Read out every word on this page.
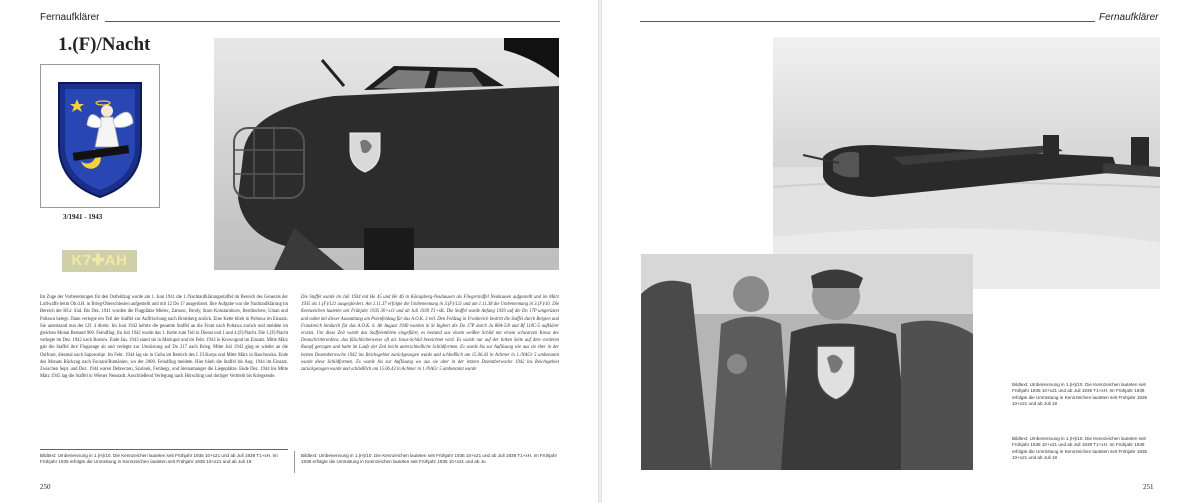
Fernaufklärer
1.(F)/Nacht
3/1941 - 1943
K7✚AH
Im Zuge der Vorbereitungen für den Ostfeldzug wurde am 1. Juni 1941 die 1./Nachtaufklärungsstaffel im Bereich des Generals der Luftwaffe beim Ob.d.H. in Brieg/Oberschlesien aufgestellt und mit 12 Do 17 ausgerüstet. Ihre Aufgabe war die Nachtaufklärung im Bereich der HGr. Süd. Bis Dez. 1941 wurden die Flugplätze Mielec, Zamosc, Brody, Staro Konstantinow, Berditschew, Uman und Poltawa belegt. Dann verlegte ein Teil der Staffel zur Auffrischung nach Bromberg zurück. Eine Kette blieb in Poltawa im Einsatz. Sie unterstand nun der Lfl. 4 direkt. Im Juni 1942 kehrte die gesamte Staffel an die Front nach Poltawa zurück und meldete im gleichen Monat Bestand 900. Feindflug. Im Juli 1942 wurde das 1. Kette zum Teil in Dienst und 1 und 4.(F)/Nacht. Die 1.(F)/Nacht verlegte im Dez. 1942 nach Rostow. Ende Jan. 1943 stand sie in Mariupol und im Febr. 1943 in Krowograd im Einsatz. Mitte März gab die Staffel ihre Flugzeuge ab und verlegte zur Umrüstung auf Do 217 nach Brieg. Mitte Juli 1943 ging es wieder an die Ostfront, diesmal nach Saporoshje. Im Febr. 1944 lag sie in Golta im Bereich des I. Fl.Korps und Mitte März in Raschowka. Ende des Monats Rückzug nach Focsani/Rumänien, wo der 2000. Feindflug meldete. Hier blieb die Staffel bis Aug. 1944 im Einsatz. Zwischen Sept. und Dez. 1944 waren Debreczen, Szolnok, Ferihegy, und Steinamanger die Liegeplätze. Ende Dez. 1944 bis Mitte März 1945 lag die Staffel in Wiener Neustadt. Anschließend Verlegung nach Hörsching und dortiger Verbleib bis Kriegsende.
Die Staffel wurde im Juli 1934 mit He 45 und He 46 in Königsberg-Neuhausen als Fliegerstaffel Neuhausen aufgestellt und im März 1935 als 1.(F)/121 ausgegliedert. Am 1.11.37 erfolgte die Umbenennung in 3.(F)/121 und am 1.11.38 die Umbenennung in 3.(F)/10. Die Kennzeichen lauteten seit Frühjahr 1935 30+x11 und ab Juli 1939 T1+xK. Die Staffel wurde Anfang 1939 auf die Do 17P umgerüstet und nahm mit dieser Ausstattung am Polenfeldzug für das A.O.K. 3 teil. Den Feldzug in Frankreich bestritt die Staffel durch Belgien und Frankreich hindurch für das A.O.K. 6. Ab August 1940 wurden in St Ingbert die Do 17P durch Ju 88A-5/8 und Bf 110C-5 aufklärer ersetzt. Um diese Zeit wurde das Staffelemblem eingeführt, es bestand aus einem weißen Schild mit einem schwarzen Kreuz des Deutschritterordens, das fälschlicherweise oft als Jesus-Schild bezeichnet wird. Es wurde nur auf der linken Seite auf dem vorderen Rumpf getragen und hatte im Laufe der Zeit leicht unterschiedliche Schildformen. Es wurde bis zur Auflösung wie aus sie eher in der letzten Dezemberwoche 1942 ins Reichsgebiet zurückgezogen wurde und schließlich am 15.06.43 in Achmer in 1./NAGr 5 umbenannt wurde diese Schildformen. Es wurde bis zur Auflösung wo aus sie aber in der letzten Dezemberwoche 1942 ins Reichsgebiet zurückgezogen wurde und schließlich am 15.06.43 in Achmer in 1./NAGr 5 umbenannt wurde
Bildtext: Umbenennung in 1.(H)/10. Die Kennzeichen lauteten seit Frühjahr 1935 10+x21 und ab Juli 1939 T1+xH. Im Frühjahr 1939 erfolgte die Umrüstung in Kennzeichen lauteten seit Frühjahr 1935 10+x21 und ab Juli 19
Bildtext: Umbenennung in 1.(H)/10. Die Kennzeichen lauteten seit Frühjahr 1935 10+x21 und ab Juli 1939 T1+xH. Im Frühjahr 1939 erfolgte die Umrüstung in Kennzeichen lauteten seit Frühjahr 1935 10+x21 und ab Ju
250
Fernaufklärer
Bildtext: Umbenennung in 1.(H)/10. Die Kennzeichen lauteten seit Frühjahr 1935 10+x21 und ab Juli 1939 T1+xH. Im Frühjahr 1939 erfolgte die Umrüstung in Kennzeichen lauteten seit Frühjahr 1935 10+x21 und ab Juli 19
Bildtext: Umbenennung in 1.(H)/10. Die Kennzeichen lauteten seit Frühjahr 1935 10+x21 und ab Juli 1939 T1+xH. Im Frühjahr 1939 erfolgte die Umrüstung in Kennzeichen lauteten seit Frühjahr 1935 10+x21 und ab Juli 19
251
